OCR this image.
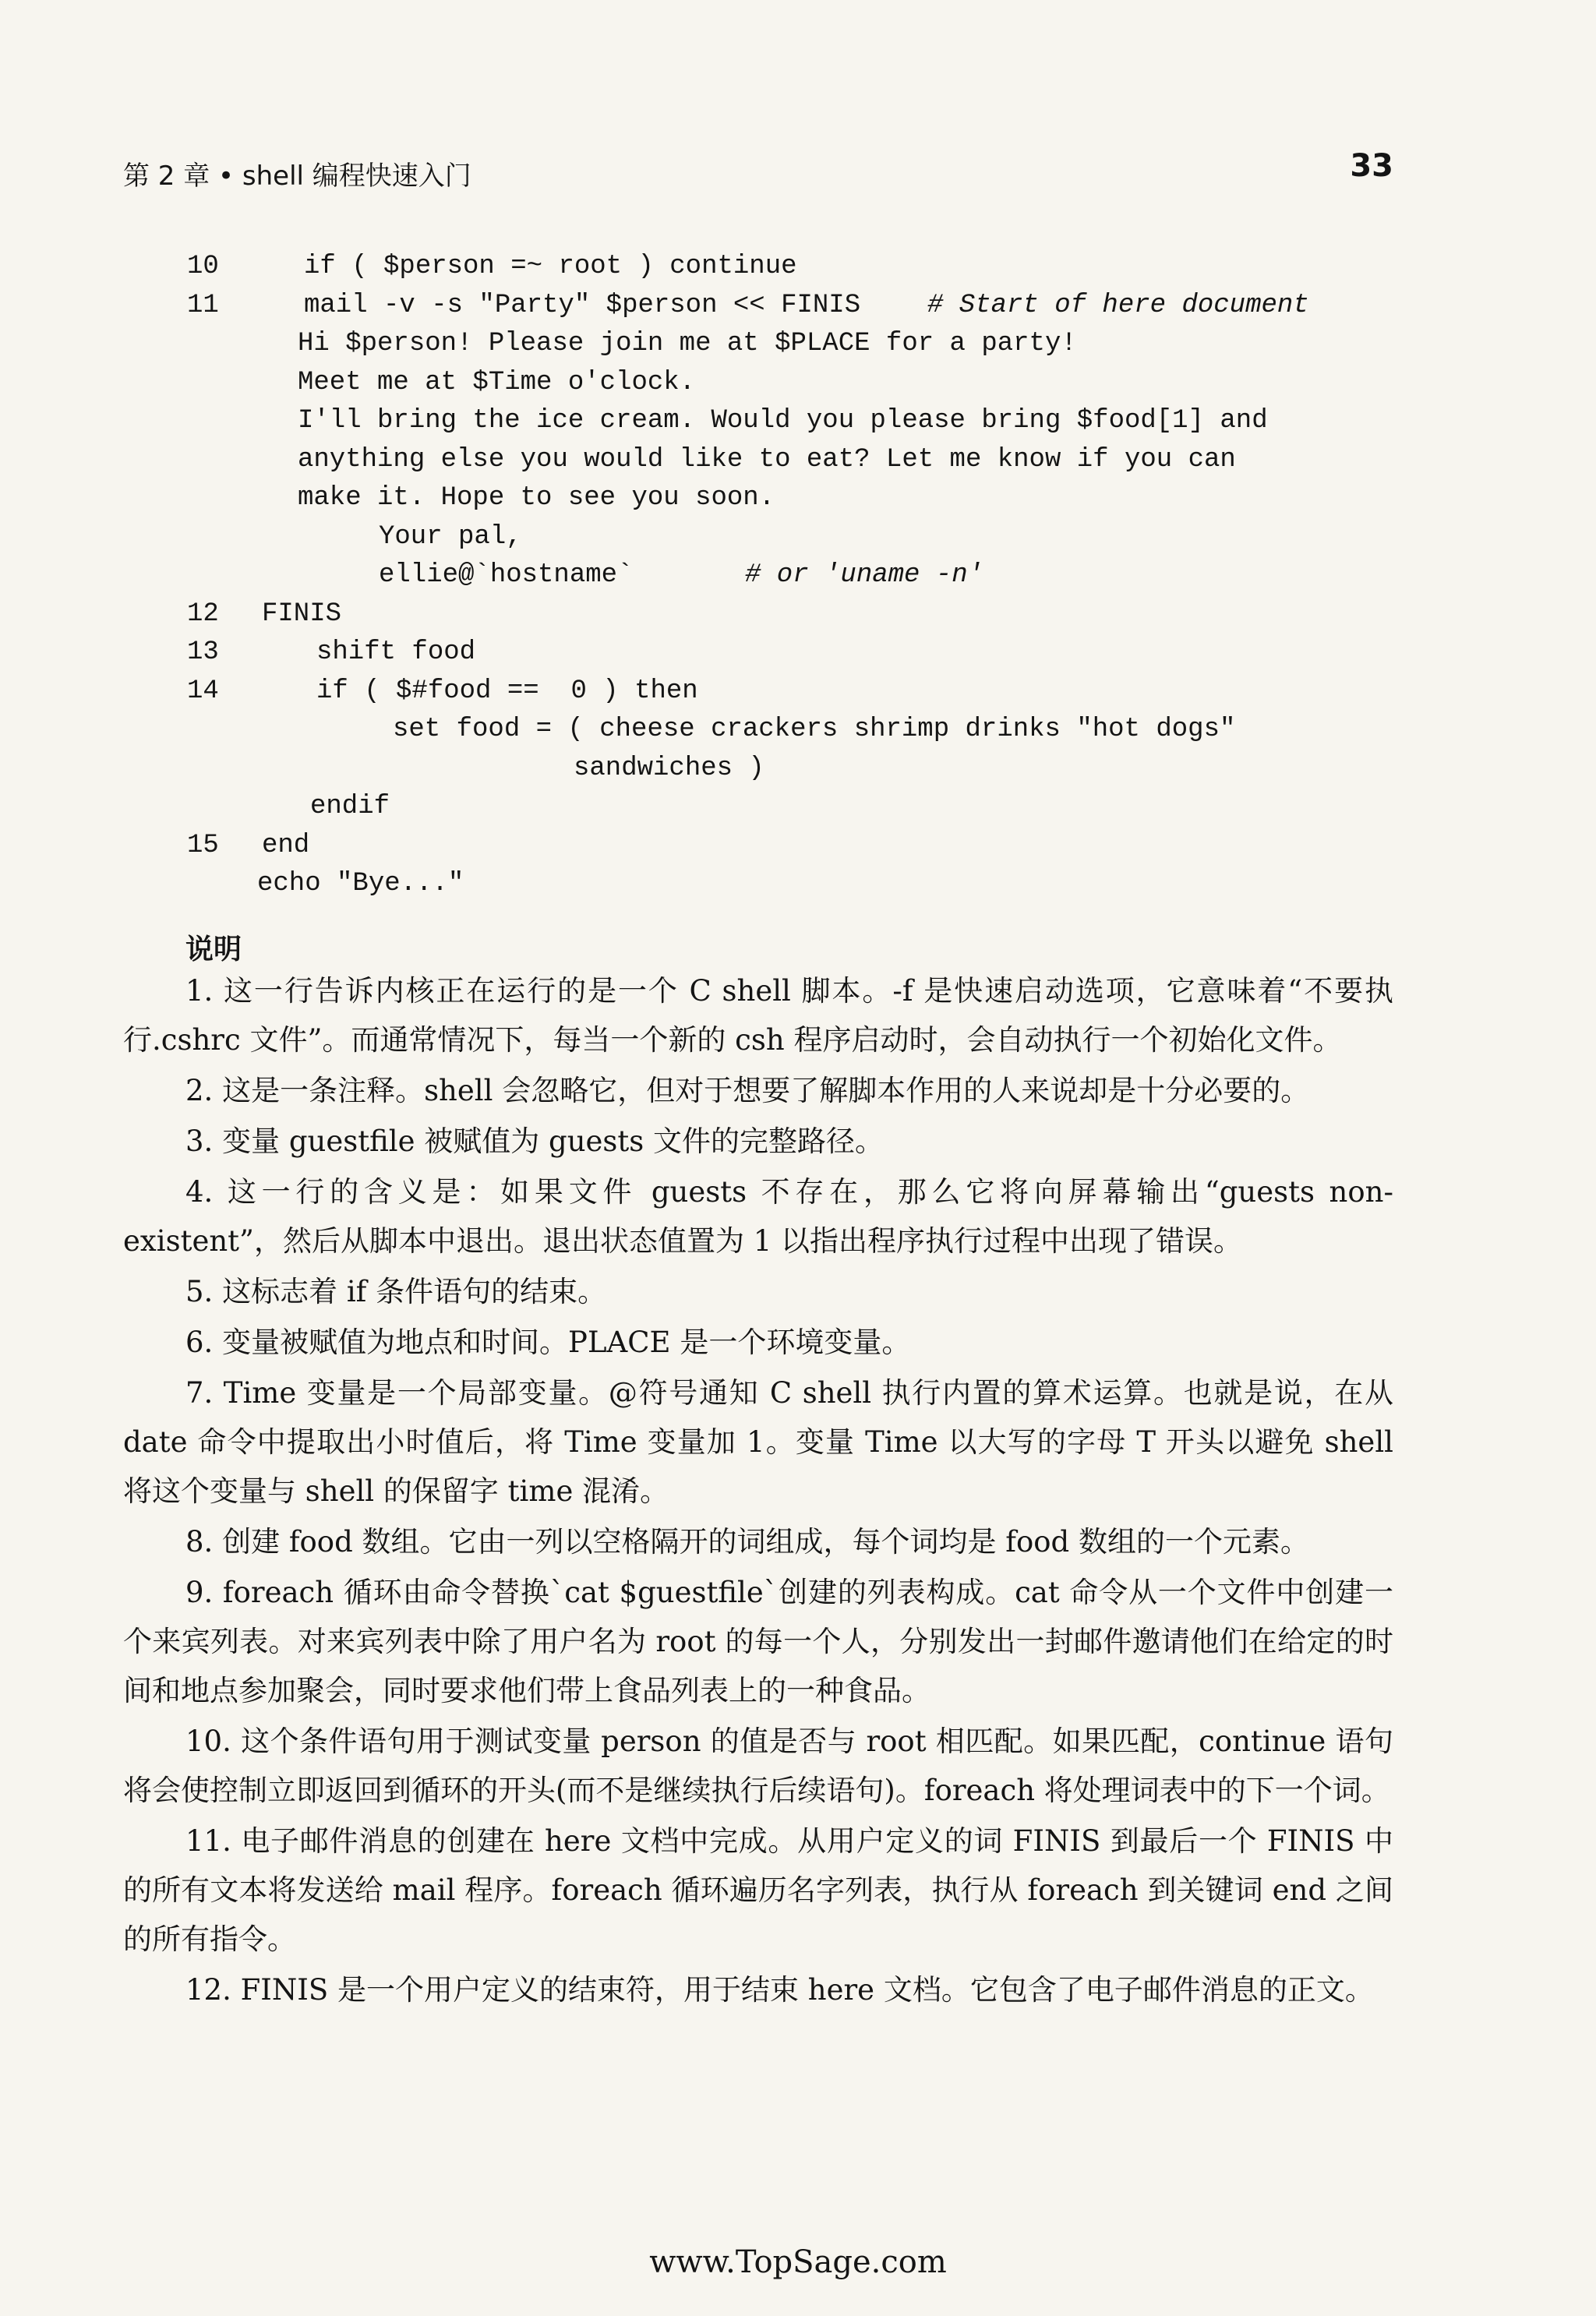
第 2 章 • shell 编程快速入门	33

10

	if ( $person =~ root ) continue

11

	mail -v -s "Party" $person << FINIS

	# Start of here document

Hi $person! Please join me at $PLACE for a party!

Meet me at $Time o'clock.

I'll bring the ice cream. Would you please bring $food[1] and

anything else you would like to eat? Let me know if you can

make it. Hope to see you soon.

Your pal,

ellie@`hostname`

	# or 'uname -n'

12

FINIS

13

	shift food

14

	if ( $#food ==  0 ) then

set food = ( cheese crackers shrimp drinks "hot dogs"

sandwiches )

endif

15

end

echo "Bye..."

说明

1. 这一行告诉内核正在运行的是一个 C shell 脚本。-f 是快速启动选项，它意味着“不要执行.cshrc 文件”。而通常情况下，每当一个新的 csh 程序启动时，会自动执行一个初始化文件。

2. 这是一条注释。shell 会忽略它，但对于想要了解脚本作用的人来说却是十分必要的。

3. 变量 guestfile 被赋值为 guests 文件的完整路径。

4. 这一行的含义是：如果文件 guests 不存在，那么它将向屏幕输出“guests non-existent”，然后从脚本中退出。退出状态值置为 1 以指出程序执行过程中出现了错误。

5. 这标志着 if 条件语句的结束。

6. 变量被赋值为地点和时间。PLACE 是一个环境变量。

7. Time 变量是一个局部变量。@符号通知 C shell 执行内置的算术运算。也就是说，在从 date 命令中提取出小时值后，将 Time 变量加 1。变量 Time 以大写的字母 T 开头以避免 shell 将这个变量与 shell 的保留字 time 混淆。

8. 创建 food 数组。它由一列以空格隔开的词组成，每个词均是 food 数组的一个元素。

9. foreach 循环由命令替换`cat $guestfile`创建的列表构成。cat 命令从一个文件中创建一个来宾列表。对来宾列表中除了用户名为 root 的每一个人，分别发出一封邮件邀请他们在给定的时间和地点参加聚会，同时要求他们带上食品列表上的一种食品。

10. 这个条件语句用于测试变量 person 的值是否与 root 相匹配。如果匹配，continue 语句将会使控制立即返回到循环的开头(而不是继续执行后续语句)。foreach 将处理词表中的下一个词。

11. 电子邮件消息的创建在 here 文档中完成。从用户定义的词 FINIS 到最后一个 FINIS 中的所有文本将发送给 mail 程序。foreach 循环遍历名字列表，执行从 foreach 到关键词 end 之间的所有指令。

12. FINIS 是一个用户定义的结束符，用于结束 here 文档。它包含了电子邮件消息的正文。

www.TopSage.com
